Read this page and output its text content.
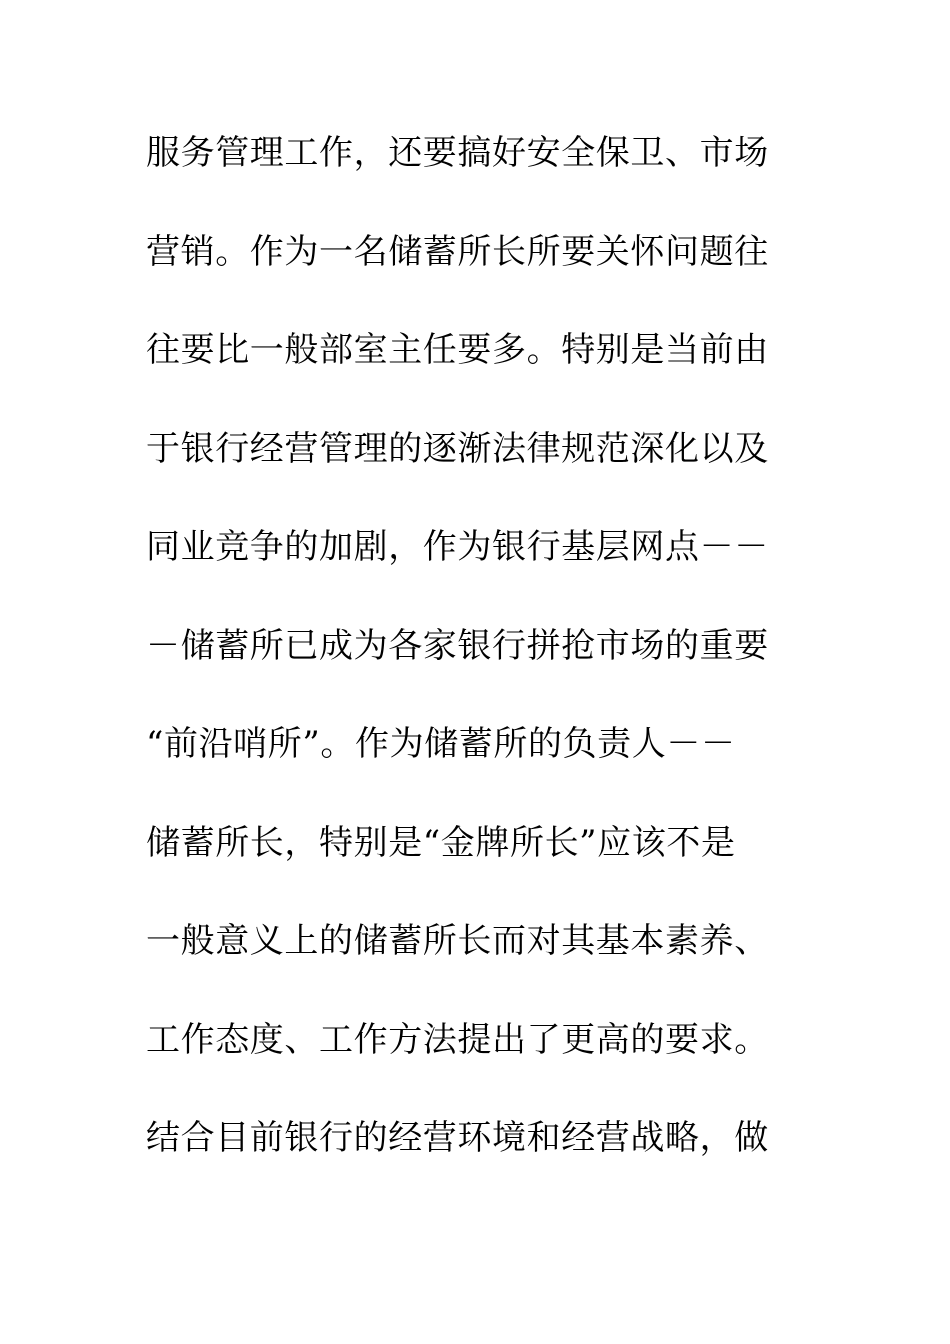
服务管理工作，还要搞好安全保卫、市场
营销。作为一名储蓄所长所要关怀问题往
往要比一般部室主任要多。特别是当前由
于银行经营管理的逐渐法律规范深化以及
同业竞争的加剧，作为银行基层网点－－
－储蓄所已成为各家银行拼抢市场的重要
“前沿哨所”。作为储蓄所的负责人－－
储蓄所长，特别是“金牌所长”应该不是
一般意义上的储蓄所长而对其基本素养、
工作态度、工作方法提出了更高的要求。
结合目前银行的经营环境和经营战略，做
